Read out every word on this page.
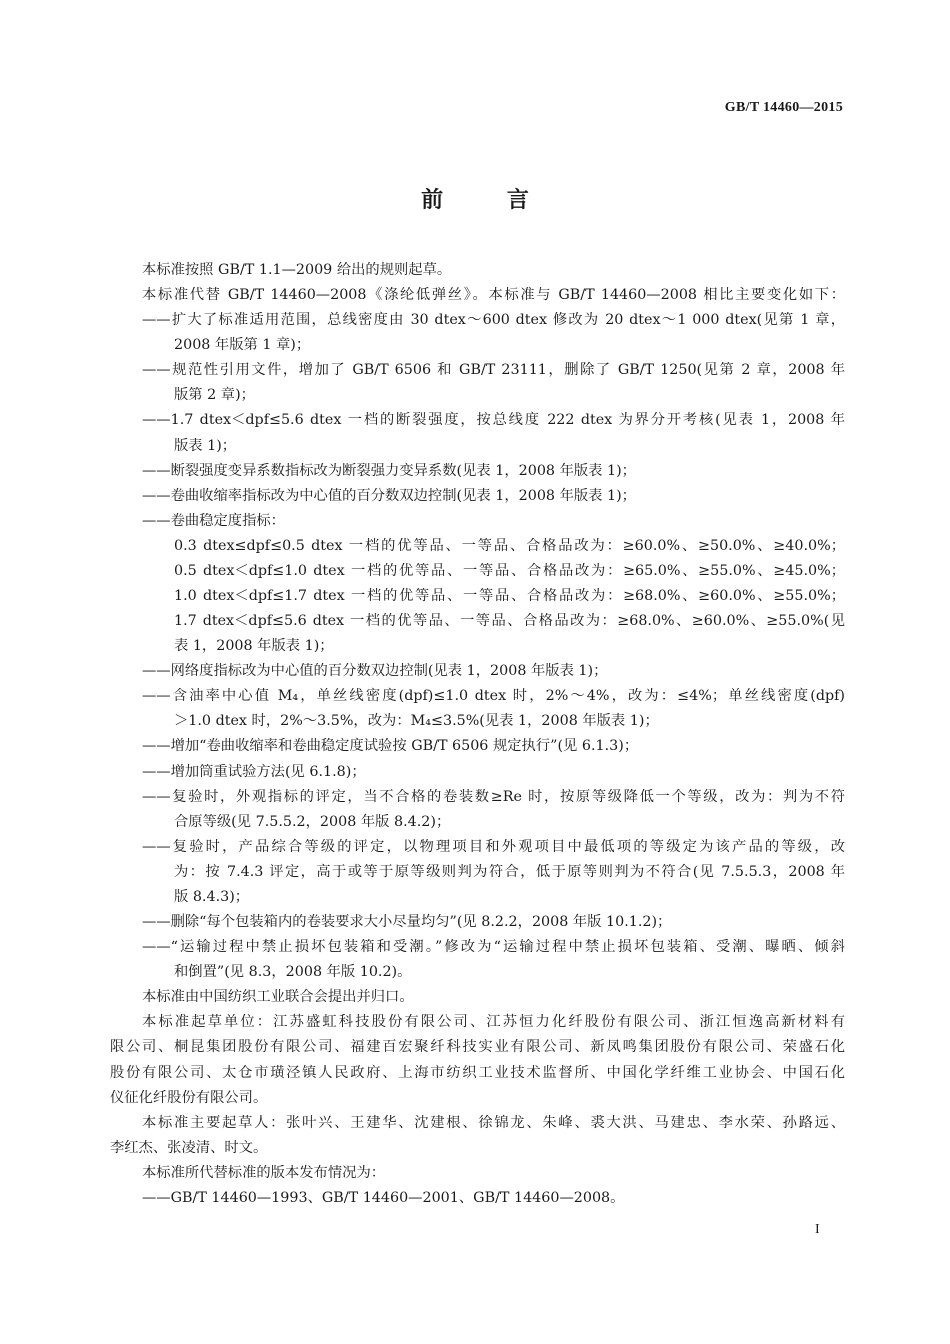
GB/T 14460—2015
前 言
本标准按照 GB/T 1.1—2009 给出的规则起草。
本标准代替 GB/T 14460—2008《涤纶低弹丝》。本标准与 GB/T 14460—2008 相比主要变化如下：
——扩大了标准适用范围，总线密度由 30 dtex～600 dtex 修改为 20 dtex～1 000 dtex(见第 1 章，
2008 年版第 1 章)；
——规范性引用文件，增加了 GB/T 6506 和 GB/T 23111，删除了 GB/T 1250(见第 2 章，2008 年
版第 2 章)；
——1.7 dtex＜dpf≤5.6 dtex 一档的断裂强度，按总线度 222 dtex 为界分开考核(见表 1，2008 年
版表 1)；
——断裂强度变异系数指标改为断裂强力变异系数(见表 1，2008 年版表 1)；
——卷曲收缩率指标改为中心值的百分数双边控制(见表 1，2008 年版表 1)；
——卷曲稳定度指标：
0.3 dtex≤dpf≤0.5 dtex 一档的优等品、一等品、合格品改为：≥60.0%、≥50.0%、≥40.0%；
0.5 dtex＜dpf≤1.0 dtex 一档的优等品、一等品、合格品改为：≥65.0%、≥55.0%、≥45.0%；
1.0 dtex＜dpf≤1.7 dtex 一档的优等品、一等品、合格品改为：≥68.0%、≥60.0%、≥55.0%；
1.7 dtex＜dpf≤5.6 dtex 一档的优等品、一等品、合格品改为：≥68.0%、≥60.0%、≥55.0%(见
表 1，2008 年版表 1)；
——网络度指标改为中心值的百分数双边控制(见表 1，2008 年版表 1)；
——含油率中心值 M₄，单丝线密度(dpf)≤1.0 dtex 时，2%～4%，改为：≤4%；单丝线密度(dpf)
＞1.0 dtex 时，2%～3.5%，改为：M₄≤3.5%(见表 1，2008 年版表 1)；
——增加“卷曲收缩率和卷曲稳定度试验按 GB/T 6506 规定执行”(见 6.1.3)；
——增加筒重试验方法(见 6.1.8)；
——复验时，外观指标的评定，当不合格的卷装数≥Re 时，按原等级降低一个等级，改为：判为不符
合原等级(见 7.5.5.2，2008 年版 8.4.2)；
——复验时，产品综合等级的评定，以物理项目和外观项目中最低项的等级定为该产品的等级，改
为：按 7.4.3 评定，高于或等于原等级则判为符合，低于原等则判为不符合(见 7.5.5.3，2008 年
版 8.4.3)；
——删除“每个包装箱内的卷装要求大小尽量均匀”(见 8.2.2，2008 年版 10.1.2)；
——“运输过程中禁止损坏包装箱和受潮。”修改为“运输过程中禁止损坏包装箱、受潮、曝晒、倾斜
和倒置”(见 8.3，2008 年版 10.2)。
本标准由中国纺织工业联合会提出并归口。
本标准起草单位：江苏盛虹科技股份有限公司、江苏恒力化纤股份有限公司、浙江恒逸高新材料有
限公司、桐昆集团股份有限公司、福建百宏聚纤科技实业有限公司、新凤鸣集团股份有限公司、荣盛石化
股份有限公司、太仓市璜泾镇人民政府、上海市纺织工业技术监督所、中国化学纤维工业协会、中国石化
仪征化纤股份有限公司。
本标准主要起草人：张叶兴、王建华、沈建根、徐锦龙、朱峰、裘大洪、马建忠、李水荣、孙路远、
李红杰、张凌清、时文。
本标准所代替标准的版本发布情况为：
——GB/T 14460—1993、GB/T 14460—2001、GB/T 14460—2008。
I
